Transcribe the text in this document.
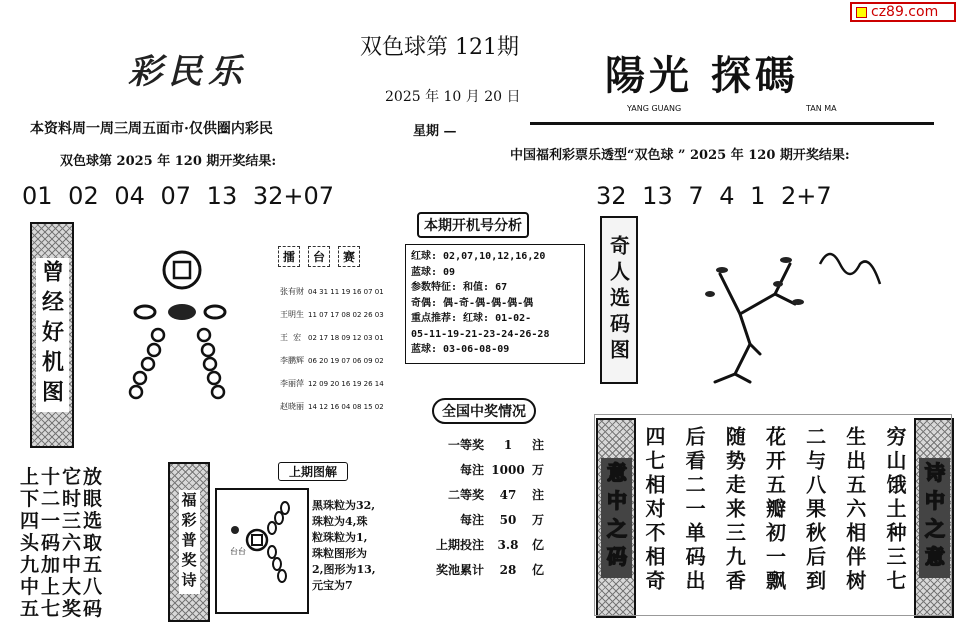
cz89.com
彩民乐
双色球第 121期
2025 年 10 月 20 日 陽光 探碼
YANG GUANG	TAN MA
本资料周一周三周五面市·仅供圈内彩民	星期 —
双色球第 2025 年 120 期开奖结果:	中国福利彩票乐透型“双色球 ” 2025 年 120 期开奖结果:
01 02 04 07 13 32+07	32 13 7 4 1 2+7
曾经好机图
擂	台	赛
张有财 04 31 11 19 16 07 01
王明生 11 07 17 08 02 26 03
王  宏 02 17 18 09 12 03 01
李鹏辉 06 20 19 07 06 09 02
李丽萍 12 09 20 16 19 26 14
赵晓丽 14 12 16 04 08 15 02
本期开机号分析
红球: 02,07,10,12,16,20
蓝球: 09
参数特征: 和值: 67
奇偶: 偶-奇-偶-偶-偶-偶
重点推荐: 红球: 01-02-
05-11-19-21-23-24-26-28
蓝球: 03-06-08-09	奇人选码图
全国中奖情况
一等奖	1	注
每注 1000 万
二等奖	47	注
每注	50	万
上期投注	3.8	亿
奖池累计	28	亿
上十它放
下二时眼
四一三选
头码六取
九加中五
中上大八
五七奖码
福彩普奖诗
上期图解
台台
黑珠粒为32,
珠粒为4,珠
粒珠粒为1,
珠粒图形为
2,图形为13,
元宝为7
意中之码	穷山饿土种三七
生出五六相伴树
二与八果秋后到
花开五瓣初一飘
随势走来三九香
后看二一单码出
四七相对不相奇	诗中之意
